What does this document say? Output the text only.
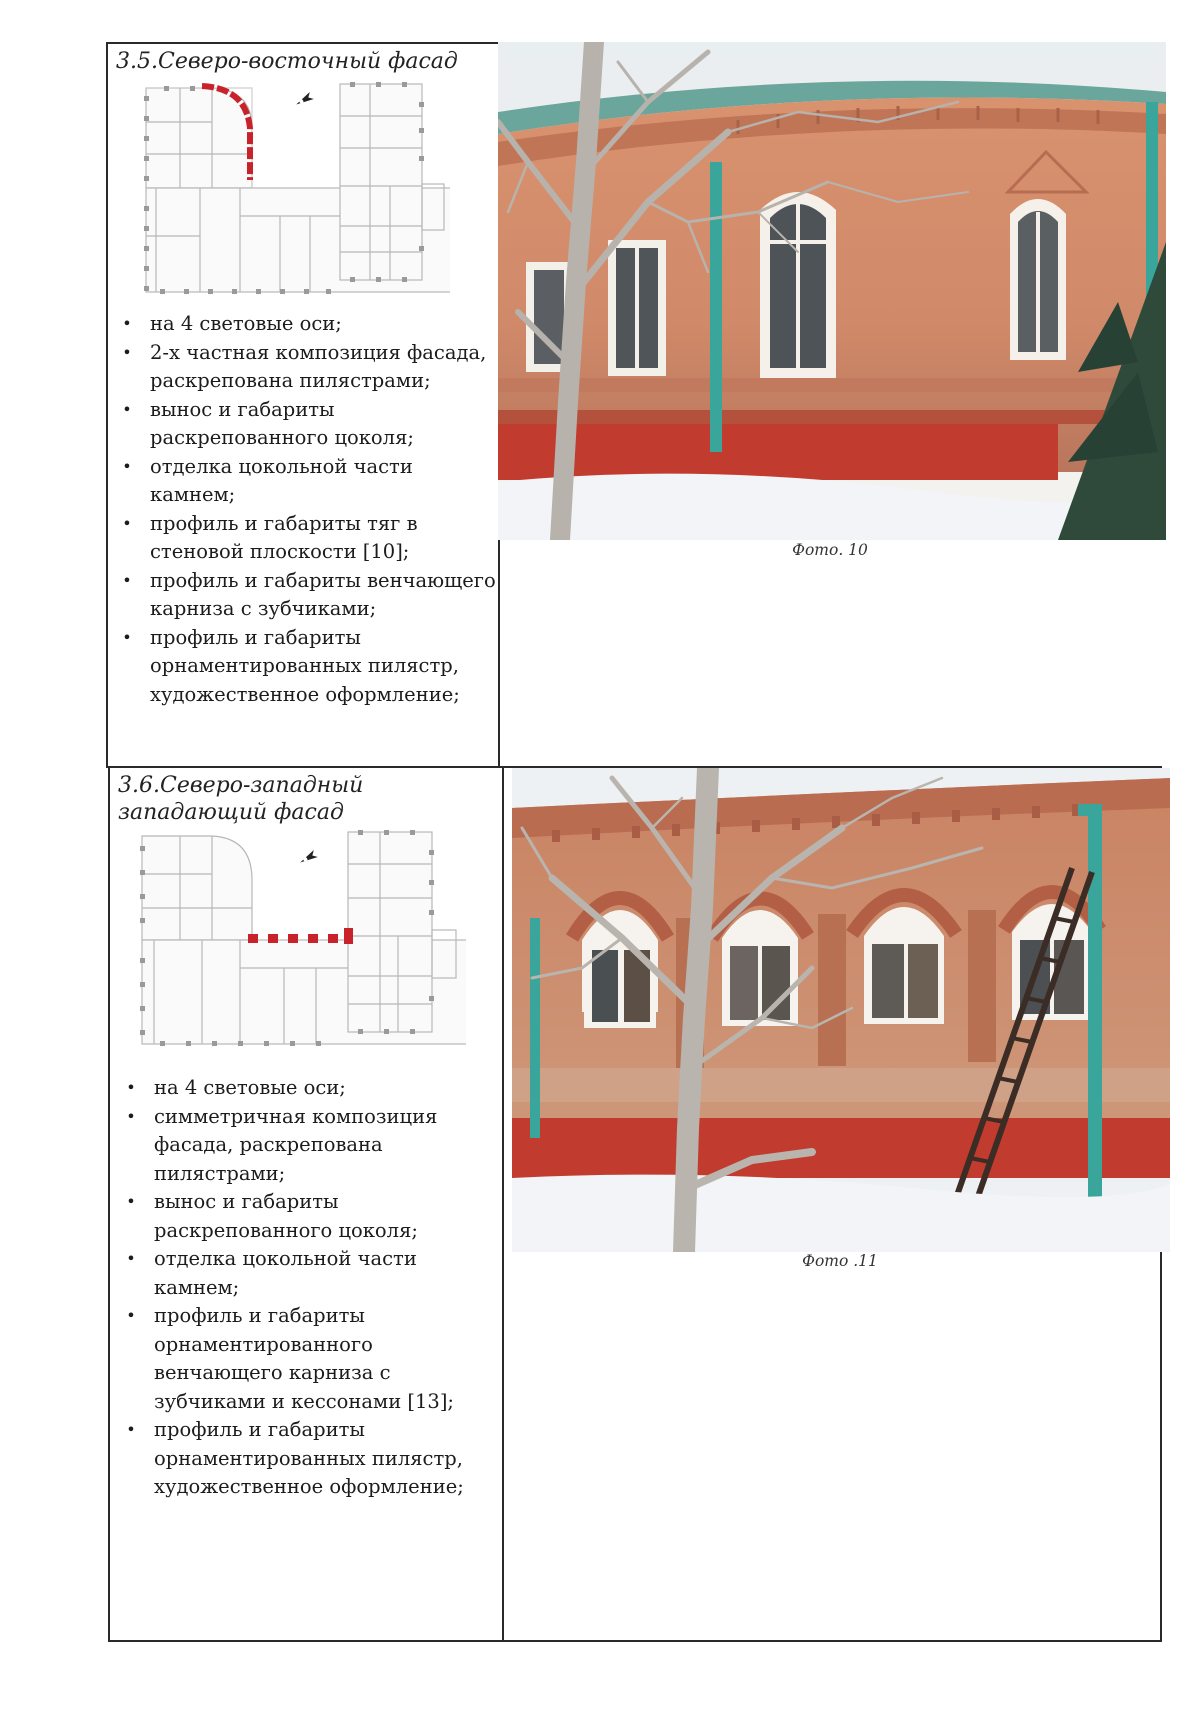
3.5.Северо-восточный фасад
• на 4 световые оси;
• 2-х частная композиция фасада, раскрепована пилястрами;
• вынос и габариты раскрепованного цоколя;
• отделка цокольной части камнем;
• профиль и габариты тяг в стеновой плоскости [10];
• профиль и габариты венчающего карниза с зубчиками;
• профиль и габариты орнаментированных пилястр, художественное оформление;
Фото. 10
3.6.Северо-западный западающий фасад
• на 4 световые оси;
• симметричная композиция фасада, раскрепована пилястрами;
• вынос и габариты раскрепованного цоколя;
• отделка цокольной части камнем;
• профиль и габариты орнаментированного венчающего карниза с зубчиками и кессонами [13];
• профиль и габариты орнаментированных пилястр, художественное оформление;
Фото .11
